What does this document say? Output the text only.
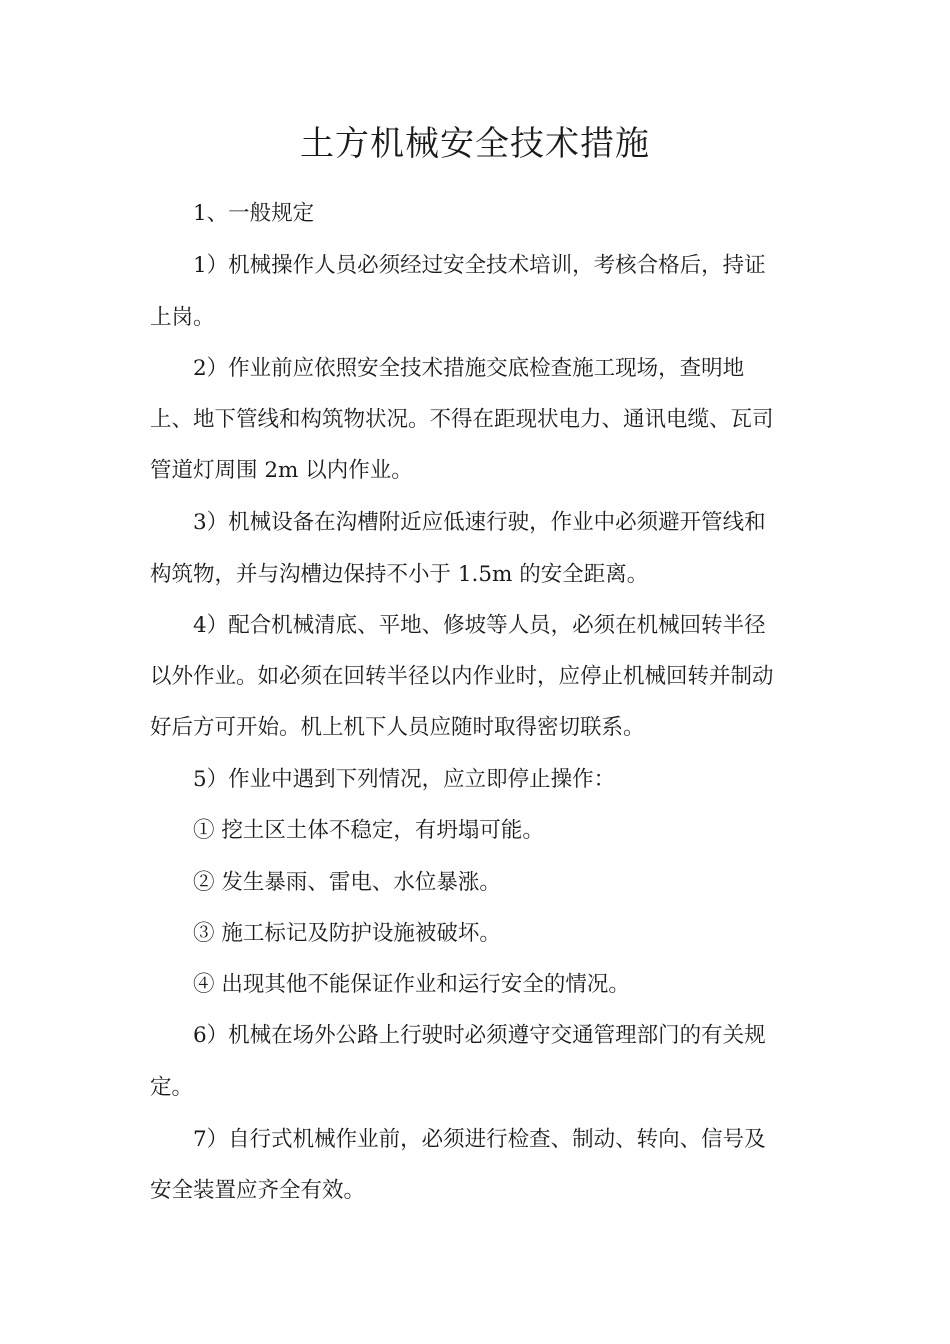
土方机械安全技术措施

1、一般规定

1）机械操作人员必须经过安全技术培训，考核合格后，持证

上岗。

2）作业前应依照安全技术措施交底检查施工现场，查明地

上、地下管线和构筑物状况。不得在距现状电力、通讯电缆、瓦司

管道灯周围 2m 以内作业。

3）机械设备在沟槽附近应低速行驶，作业中必须避开管线和

构筑物，并与沟槽边保持不小于 1.5m 的安全距离。

4）配合机械清底、平地、修坡等人员，必须在机械回转半径

以外作业。如必须在回转半径以内作业时，应停止机械回转并制动

好后方可开始。机上机下人员应随时取得密切联系。

5）作业中遇到下列情况，应立即停止操作：

① 挖土区土体不稳定，有坍塌可能。

② 发生暴雨、雷电、水位暴涨。

③ 施工标记及防护设施被破坏。

④ 出现其他不能保证作业和运行安全的情况。

6）机械在场外公路上行驶时必须遵守交通管理部门的有关规

定。

7）自行式机械作业前，必须进行检查、制动、转向、信号及

安全装置应齐全有效。
